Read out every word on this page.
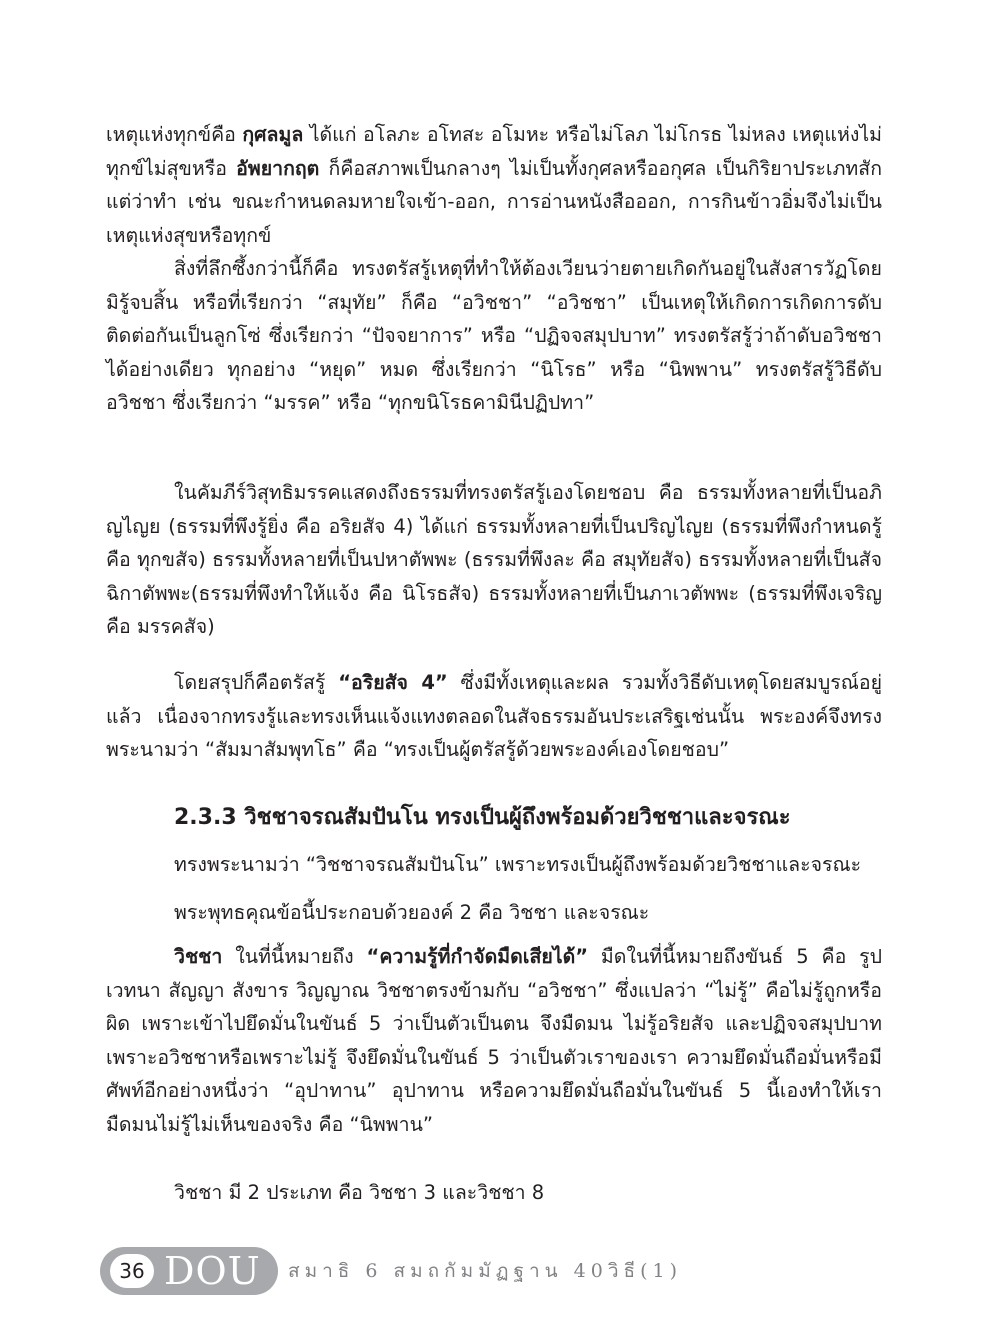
เหตุแห่งทุกข์คือ กุศลมูล ได้แก่ อโลภะ อโทสะ อโมหะ หรือไม่โลภ ไม่โกรธ ไม่หลง เหตุแห่งไม่ทุกข์ไม่สุขหรือ อัพยากฤต ก็คือสภาพเป็นกลางๆ ไม่เป็นทั้งกุศลหรืออกุศล เป็นกิริยาประเภทสักแต่ว่าทำ เช่น ขณะกำหนดลมหายใจเข้า-ออก, การอ่านหนังสือออก, การกินข้าวอิ่มจึงไม่เป็นเหตุแห่งสุขหรือทุกข์

สิ่งที่ลึกซึ้งกว่านี้ก็คือ ทรงตรัสรู้เหตุที่ทำให้ต้องเวียนว่ายตายเกิดกันอยู่ในสังสารวัฏโดยมิรู้จบสิ้น หรือที่เรียกว่า “สมุทัย” ก็คือ “อวิชชา” “อวิชชา” เป็นเหตุให้เกิดการเกิดการดับติดต่อกันเป็นลูกโซ่ ซึ่งเรียกว่า “ปัจจยาการ” หรือ “ปฏิจจสมุปบาท” ทรงตรัสรู้ว่าถ้าดับอวิชชาได้อย่างเดียว ทุกอย่าง “หยุด” หมด ซึ่งเรียกว่า “นิโรธ” หรือ “นิพพาน” ทรงตรัสรู้วิธีดับอวิชชา ซึ่งเรียกว่า “มรรค” หรือ “ทุกขนิโรธคามินีปฏิปทา”

ในคัมภีร์วิสุทธิมรรคแสดงถึงธรรมที่ทรงตรัสรู้เองโดยชอบ คือ ธรรมทั้งหลายที่เป็นอภิญไญย (ธรรมที่พึงรู้ยิ่ง คือ อริยสัจ 4) ได้แก่ ธรรมทั้งหลายที่เป็นปริญไญย (ธรรมที่พึงกำหนดรู้ คือ ทุกขสัจ) ธรรมทั้งหลายที่เป็นปหาตัพพะ (ธรรมที่พึงละ คือ สมุทัยสัจ) ธรรมทั้งหลายที่เป็นสัจฉิกาตัพพะ(ธรรมที่พึงทำให้แจ้ง คือ นิโรธสัจ) ธรรมทั้งหลายที่เป็นภาเวตัพพะ (ธรรมที่พึงเจริญ คือ มรรคสัจ)

โดยสรุปก็คือตรัสรู้ “อริยสัจ 4” ซึ่งมีทั้งเหตุและผล รวมทั้งวิธีดับเหตุโดยสมบูรณ์อยู่แล้ว เนื่องจากทรงรู้และทรงเห็นแจ้งแทงตลอดในสัจธรรมอันประเสริฐเช่นนั้น พระองค์จึงทรงพระนามว่า “สัมมาสัมพุทโธ” คือ “ทรงเป็นผู้ตรัสรู้ด้วยพระองค์เองโดยชอบ”

2.3.3 วิชชาจรณสัมปันโน ทรงเป็นผู้ถึงพร้อมด้วยวิชชาและจรณะ

ทรงพระนามว่า “วิชชาจรณสัมปันโน” เพราะทรงเป็นผู้ถึงพร้อมด้วยวิชชาและจรณะ

พระพุทธคุณข้อนี้ประกอบด้วยองค์ 2 คือ วิชชา และจรณะ

วิชชา ในที่นี้หมายถึง “ความรู้ที่กำจัดมืดเสียได้” มืดในที่นี้หมายถึงขันธ์ 5 คือ รูป เวทนา สัญญา สังขาร วิญญาณ วิชชาตรงข้ามกับ “อวิชชา” ซึ่งแปลว่า “ไม่รู้” คือไม่รู้ถูกหรือผิด เพราะเข้าไปยึดมั่นในขันธ์ 5 ว่าเป็นตัวเป็นตน จึงมืดมน ไม่รู้อริยสัจ และปฏิจจสมุปบาท เพราะอวิชชาหรือเพราะไม่รู้ จึงยึดมั่นในขันธ์ 5 ว่าเป็นตัวเราของเรา ความยึดมั่นถือมั่นหรือมีศัพท์อีกอย่างหนึ่งว่า “อุปาทาน” อุปาทาน หรือความยึดมั่นถือมั่นในขันธ์ 5 นี้เองทำให้เรามืดมนไม่รู้ไม่เห็นของจริง คือ “นิพพาน”

วิชชา มี 2 ประเภท คือ วิชชา 3 และวิชชา 8

36 DOU สมาธิ 6 สมถกัมมัฏฐาน 40วิธี(1)
